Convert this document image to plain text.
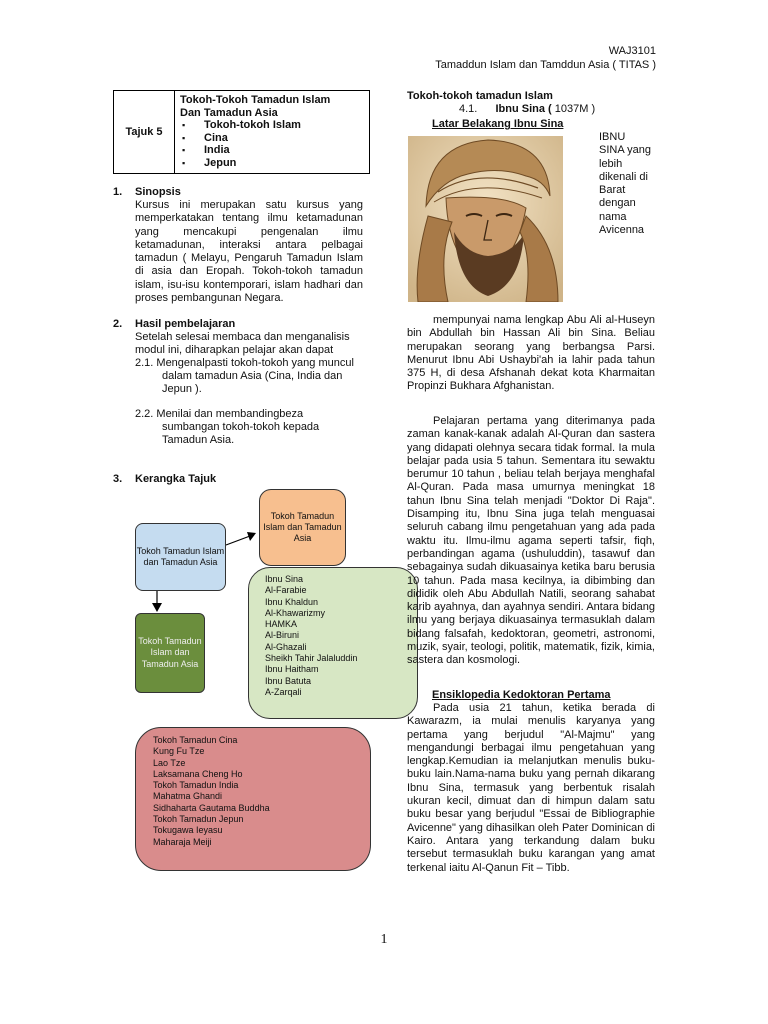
WAJ3101
Tamaddun Islam dan Tamddun Asia ( TITAS )
Tajuk 5
Tokoh-Tokoh Tamadun Islam
Dan Tamadun Asia
▪ Tokoh-tokoh Islam
▪ Cina
▪ India
▪ Jepun
1. Sinopsis
Kursus ini merupakan satu kursus yang memperkatakan tentang ilmu ketamadunan yang mencakupi pengenalan ilmu ketamadunan, interaksi antara pelbagai tamadun ( Melayu, Pengaruh Tamadun Islam di asia dan Eropah. Tokoh-tokoh tamadun islam, isu-isu kontemporari, islam hadhari dan proses pembangunan Negara.
2. Hasil pembelajaran
Setelah selesai membaca dan menganalisis
modul ini, diharapkan pelajar akan dapat
2.1. Mengenalpasti tokoh-tokoh yang muncul
dalam tamadun Asia (Cina, India dan
Jepun ).
2.2. Menilai dan membandingbeza
sumbangan tokoh-tokoh kepada
Tamadun Asia.
3. Kerangka Tajuk
Tokoh Tamadun Islam dan Tamadun Asia
Tokoh Tamadun Islam dan Tamadun Asia
Tokoh Tamadun Islam dan Tamadun Asia
Ibnu Sina
Al-Farabie
Ibnu Khaldun
Al-Khawarizmy
HAMKA
Al-Biruni
Al-Ghazali
Sheikh Tahir Jalaluddin
Ibnu Haitham
Ibnu Batuta
A-Zarqali
Tokoh Tamadun Cina
Kung Fu Tze
Lao Tze
Laksamana Cheng Ho
Tokoh Tamadun India
Mahatma Ghandi
Sidhaharta Gautama Buddha
Tokoh Tamadun Jepun
Tokugawa Ieyasu
Maharaja Meiji
Tokoh-tokoh tamadun Islam
4.1. Ibnu Sina ( 1037M )
Latar Belakang Ibnu Sina
IBNU
SINA yang
lebih
dikenali di
Barat
dengan
nama
Avicenna
mempunyai nama lengkap Abu Ali al-Huseyn bin Abdullah bin Hassan Ali bin Sina. Beliau merupakan seorang yang berbangsa Parsi. Menurut Ibnu Abi Ushaybi'ah ia lahir pada tahun 375 H, di desa Afshanah dekat kota Kharmaitan Propinzi Bukhara Afghanistan.
Pelajaran pertama yang diterimanya pada zaman kanak-kanak adalah Al-Quran dan sastera yang didapati olehnya secara tidak formal. Ia mula belajar pada usia 5 tahun. Sementara itu sewaktu berumur 10 tahun , beliau telah berjaya menghafal Al-Quran. Pada masa umurnya meningkat 18 tahun Ibnu Sina telah menjadi "Doktor Di Raja". Disamping itu, Ibnu Sina juga telah menguasai seluruh cabang ilmu pengetahuan yang ada pada waktu itu. Ilmu-ilmu agama seperti tafsir, fiqh, perbandingan agama (ushuluddin), tasawuf dan sebagainya sudah dikuasainya ketika baru berusia 10 tahun. Pada masa kecilnya, ia dibimbing dan dididik oleh Abu Abdullah Natili, seorang sahabat karib ayahnya, dan ayahnya sendiri. Antara bidang ilmu yang berjaya dikuasainya termasuklah dalam bidang falsafah, kedoktoran, geometri, astronomi, muzik, syair, teologi, politik, matematik, fizik, kimia, sastera dan kosmologi.
Ensiklopedia Kedoktoran Pertama
Pada usia 21 tahun, ketika berada di Kawarazm, ia mulai menulis karyanya yang pertama yang berjudul "Al-Majmu" yang mengandungi berbagai ilmu pengetahuan yang lengkap.Kemudian ia melanjutkan menulis buku-buku lain.Nama-nama buku yang pernah dikarang Ibnu Sina, termasuk yang berbentuk risalah ukuran kecil, dimuat dan di himpun dalam satu buku besar yang berjudul "Essai de Bibliographie Avicenne" yang dihasilkan oleh Pater Dominican di Kairo. Antara yang terkandung dalam buku tersebut termasuklah buku karangan yang amat terkenal iaitu Al-Qanun Fit – Tibb.
1
